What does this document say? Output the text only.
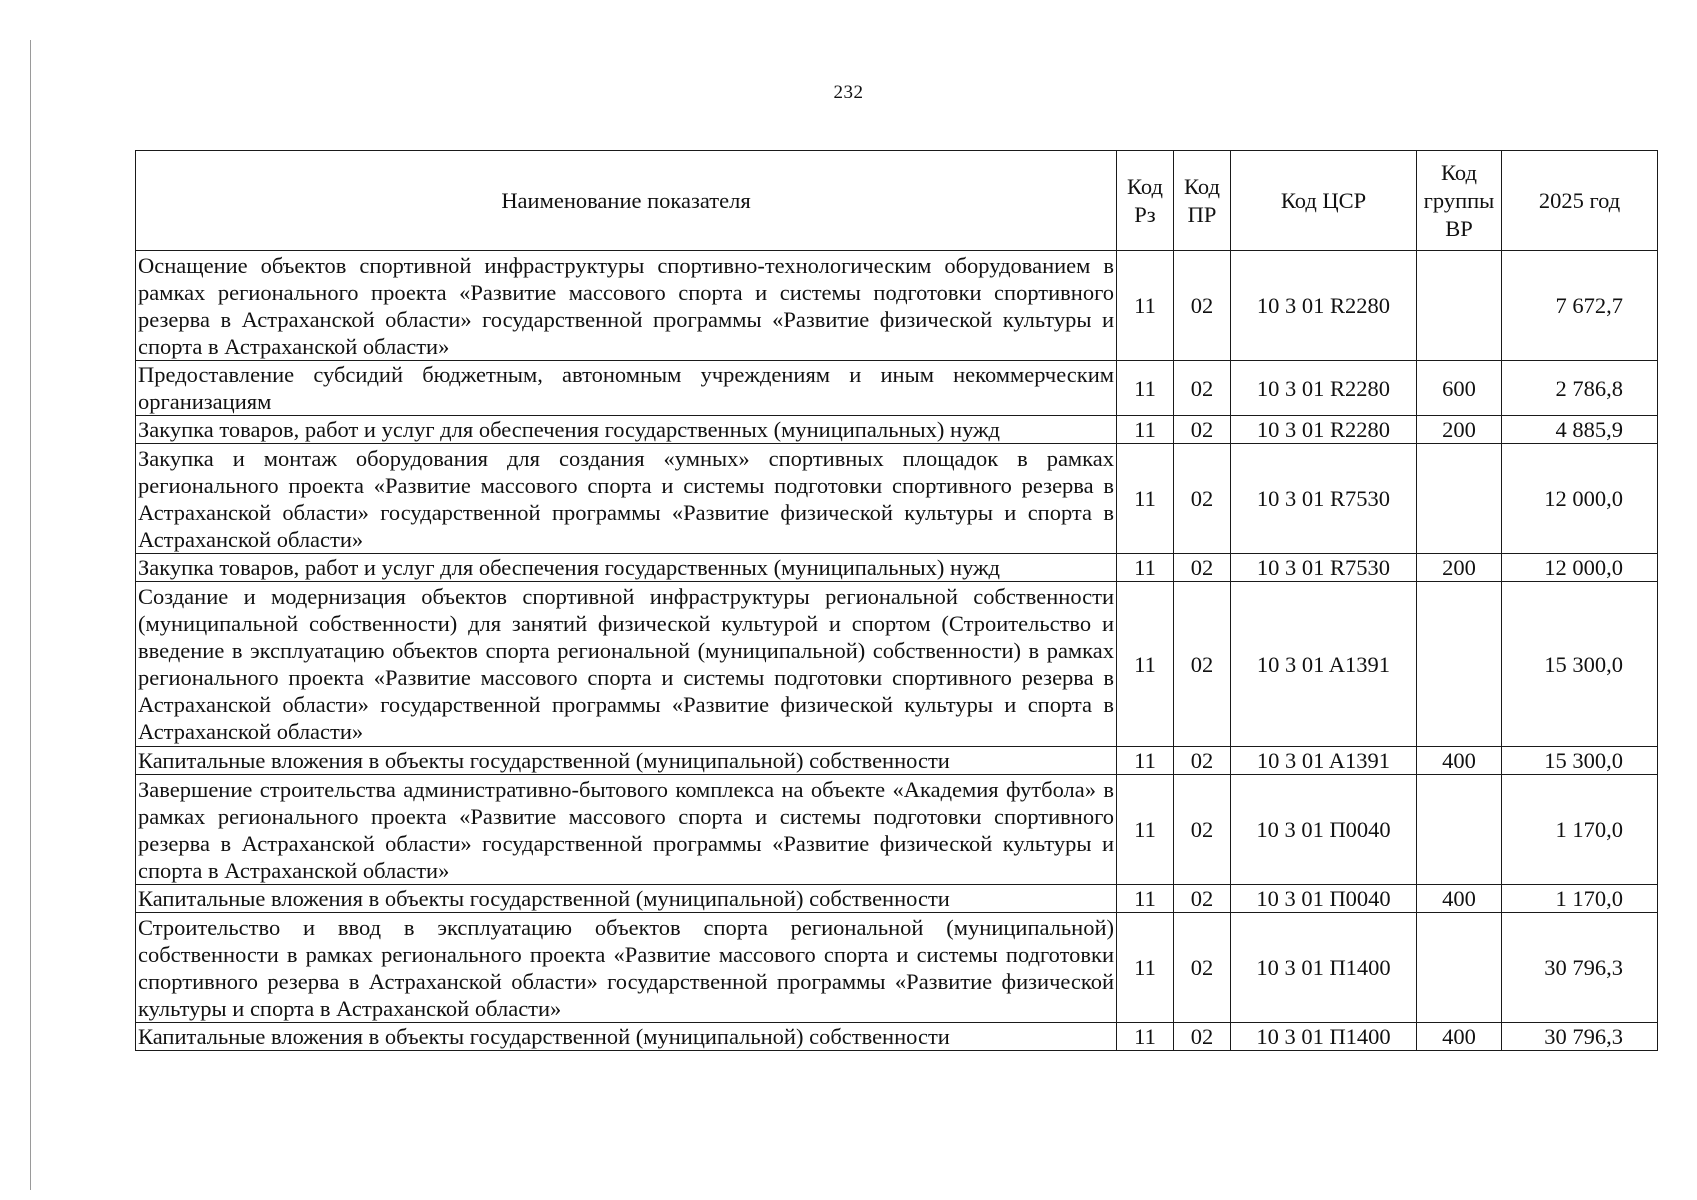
232
Наименование показателя	Код Рз	Код ПР	Код ЦСР	Код группы ВР	2025 год
Оснащение объектов спортивной инфраструктуры спортивно-технологическим оборудованием в рамках регионального проекта «Развитие массового спорта и системы подготовки спортивного резерва в Астраханской области» государственной программы «Развитие физической культуры и спорта в Астраханской области»	11	02	10 3 01 R2280		7 672,7
Предоставление субсидий бюджетным, автономным учреждениям и иным некоммерческим организациям	11	02	10 3 01 R2280	600	2 786,8
Закупка товаров, работ и услуг для обеспечения государственных (муниципальных) нужд	11	02	10 3 01 R2280	200	4 885,9
Закупка и монтаж оборудования для создания «умных» спортивных площадок в рамках регионального проекта «Развитие массового спорта и системы подготовки спортивного резерва в Астраханской области» государственной программы «Развитие физической культуры и спорта в Астраханской области»	11	02	10 3 01 R7530		12 000,0
Закупка товаров, работ и услуг для обеспечения государственных (муниципальных) нужд	11	02	10 3 01 R7530	200	12 000,0
Создание и модернизация объектов спортивной инфраструктуры региональной собственности (муниципальной собственности) для занятий физической культурой и спортом (Строительство и введение в эксплуатацию объектов спорта региональной (муниципальной) собственности) в рамках регионального проекта «Развитие массового спорта и системы подготовки спортивного резерва в Астраханской области» государственной программы «Развитие физической культуры и спорта в Астраханской области»	11	02	10 3 01 A1391		15 300,0
Капитальные вложения в объекты государственной (муниципальной) собственности	11	02	10 3 01 A1391	400	15 300,0
Завершение строительства административно-бытового комплекса на объекте «Академия футбола» в рамках регионального проекта «Развитие массового спорта и системы подготовки спортивного резерва в Астраханской области» государственной программы «Развитие физической культуры и спорта в Астраханской области»	11	02	10 3 01 П0040		1 170,0
Капитальные вложения в объекты государственной (муниципальной) собственности	11	02	10 3 01 П0040	400	1 170,0
Строительство и ввод в эксплуатацию объектов спорта региональной (муниципальной) собственности в рамках регионального проекта «Развитие массового спорта и системы подготовки спортивного резерва в Астраханской области» государственной программы «Развитие физической культуры и спорта в Астраханской области»	11	02	10 3 01 П1400		30 796,3
Капитальные вложения в объекты государственной (муниципальной) собственности	11	02	10 3 01 П1400	400	30 796,3
